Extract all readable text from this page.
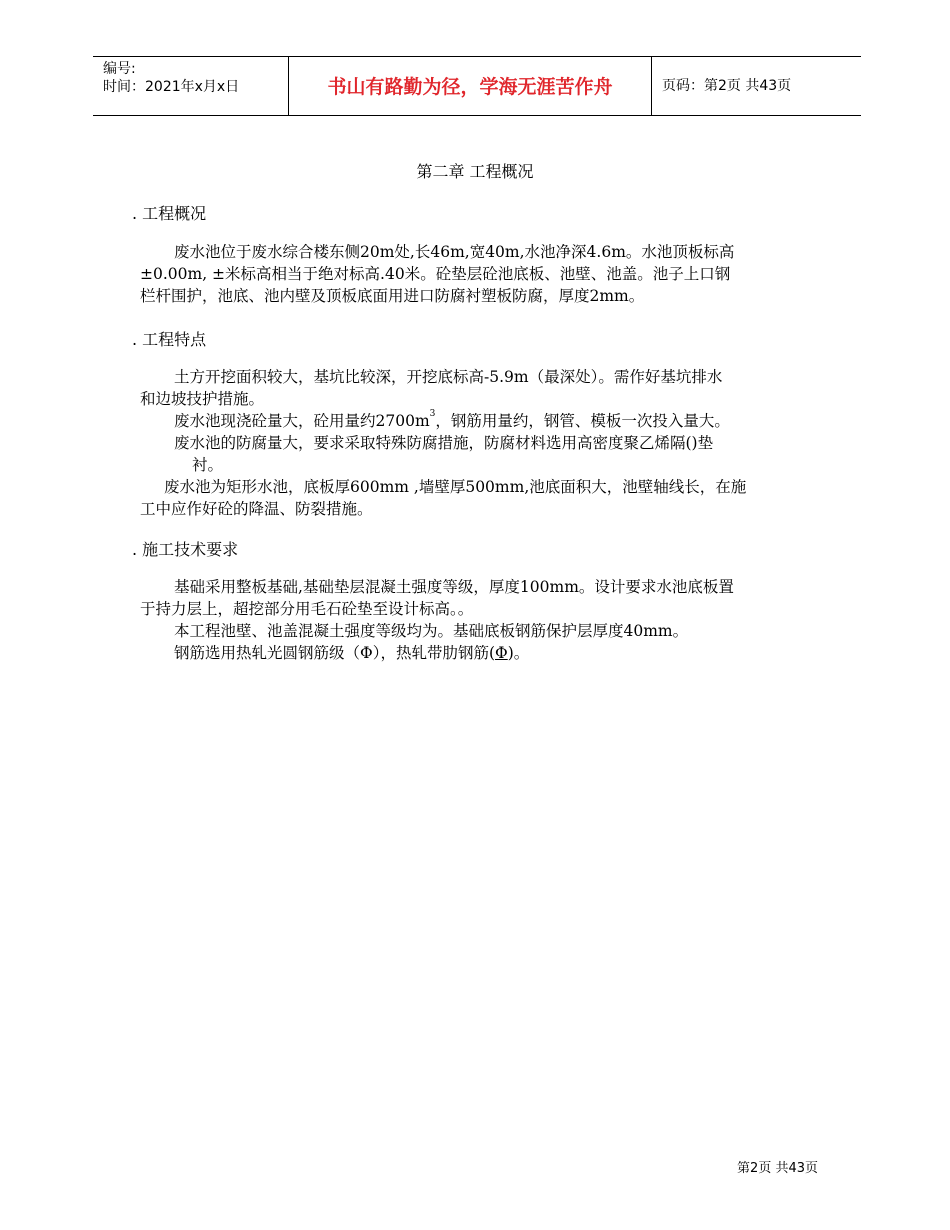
编号:
时间：2021年x月x日	书山有路勤为径，学海无涯苦作舟	页码：第2页 共43页
第二章 工程概况
. 工程概况
废水池位于废水综合楼东侧20m处,长46m,宽40m,水池净深4.6m。水池顶板标高
±0.00m, ±米标高相当于绝对标高.40米。砼垫层砼池底板、池壁、池盖。池子上口钢
栏杆围护，池底、池内壁及顶板底面用进口防腐衬塑板防腐，厚度2mm。
. 工程特点
土方开挖面积较大，基坑比较深，开挖底标高-5.9m（最深处）。需作好基坑排水
和边坡技护措施。
废水池现浇砼量大，砼用量约$2700m^3$，钢筋用量约，钢管、模板一次投入量大。
废水池的防腐量大，要求采取特殊防腐措施，防腐材料选用高密度聚乙烯隔()垫
衬。
废水池为矩形水池，底板厚600mm ,墙壁厚500mm,池底面积大，池壁轴线长，在施
工中应作好砼的降温、防裂措施。
. 施工技术要求
基础采用整板基础,基础垫层混凝土强度等级，厚度100mm。设计要求水池底板置
于持力层上，超挖部分用毛石砼垫至设计标高。。
本工程池壁、池盖混凝土强度等级均为。基础底板钢筋保护层厚度40mm。
钢筋选用热轧光圆钢筋级（Φ），热轧带肋钢筋(Φ)。
第2页 共43页
